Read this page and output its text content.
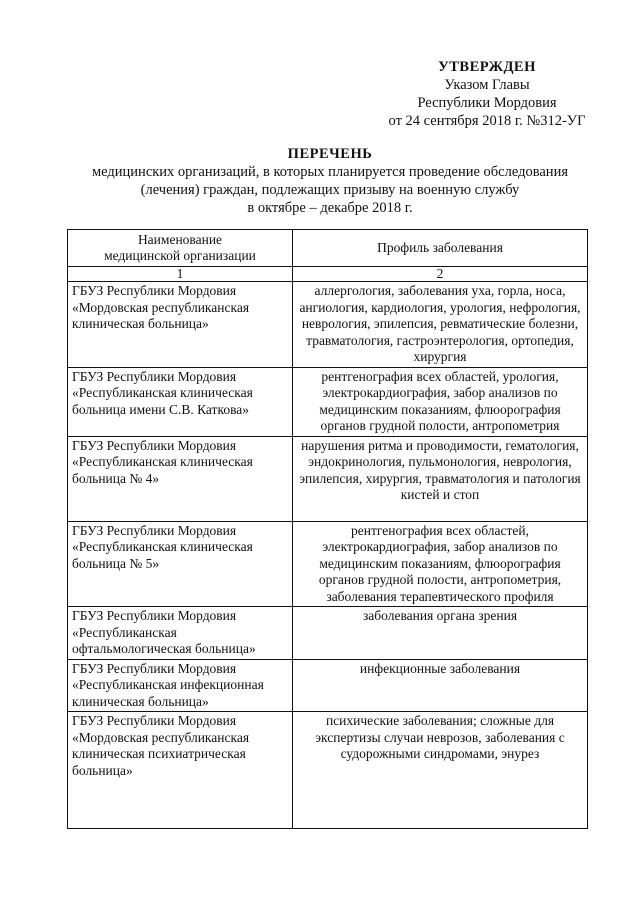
УТВЕРЖДЕН
Указом Главы
Республики Мордовия
от 24 сентября 2018 г. №312-УГ
ПЕРЕЧЕНЬ
медицинских организаций, в которых планируется проведение обследования
(лечения) граждан, подлежащих призыву на военную службу
в октябре – декабре 2018 г.
Наименование
медицинской организации	Профиль заболевания
1	2

ГБУЗ Республики Мордовия
«Мордовская республиканская
клиническая больница»	аллергология, заболевания уха, горла, носа, ангиология, кардиология, урология, нефрология, неврология, эпилепсия, ревматические болезни, травматология, гастроэнтерология, ортопедия, хирургия

ГБУЗ Республики Мордовия
«Республиканская клиническая
больница имени С.В. Каткова»	рентгенография всех областей, урология, электрокардиография, забор анализов по медицинским показаниям, флюорография органов грудной полости, антропометрия

ГБУЗ Республики Мордовия
«Республиканская клиническая
больница № 4»	нарушения ритма и проводимости, гематология, эндокринология, пульмонология, неврология, эпилепсия, хирургия, травматология и патология кистей и стоп

ГБУЗ Республики Мордовия
«Республиканская клиническая
больница № 5»	рентгенография всех областей, электрокардиография, забор анализов по медицинским показаниям, флюорография органов грудной полости, антропометрия, заболевания терапевтического профиля

ГБУЗ Республики Мордовия
«Республиканская
офтальмологическая больница»	заболевания органа зрения

ГБУЗ Республики Мордовия
«Республиканская инфекционная
клиническая больница»	инфекционные заболевания

ГБУЗ Республики Мордовия
«Мордовская республиканская
клиническая психиатрическая
больница»	психические заболевания; сложные для экспертизы случаи неврозов, заболевания с судорожными синдромами, энурез
